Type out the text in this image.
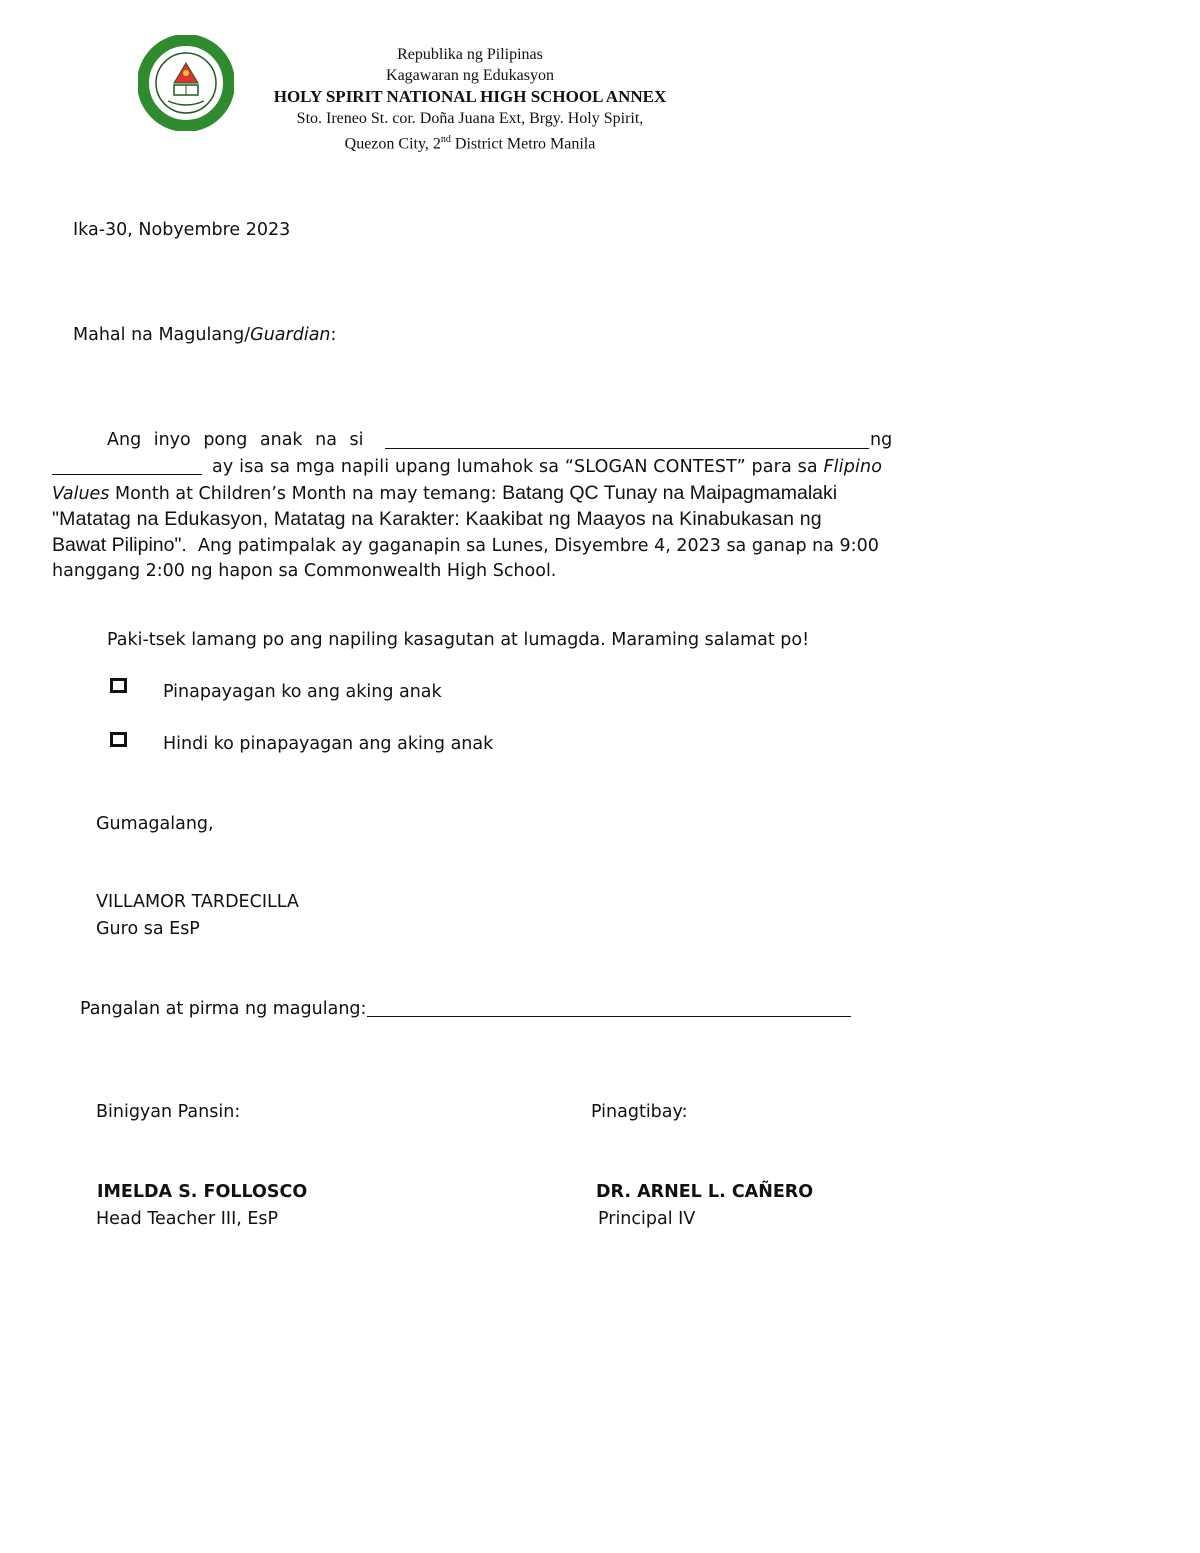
Republika ng Pilipinas
Kagawaran ng Edukasyon
HOLY SPIRIT NATIONAL HIGH SCHOOL ANNEX
Sto. Ireneo St. cor. Doña Juana Ext, Brgy. Holy Spirit,
Quezon City, 2nd District Metro Manila
Ika-30, Nobyembre 2023
Mahal na Magulang/Guardian:
Ang inyo pong anak na si	ng
ay isa sa mga napili upang lumahok sa “SLOGAN CONTEST” para sa Flipino
Values Month at Children’s Month na may temang: Batang QC Tunay na Maipagmamalaki
"Matatag na Edukasyon, Matatag na Karakter: Kaakibat ng Maayos na Kinabukasan ng
Bawat Pilipino". Ang patimpalak ay gaganapin sa Lunes, Disyembre 4, 2023 sa ganap na 9:00
hanggang 2:00 ng hapon sa Commonwealth High School.
Paki-tsek lamang po ang napiling kasagutan at lumagda. Maraming salamat po!
Pinapayagan ko ang aking anak
Hindi ko pinapayagan ang aking anak
Gumagalang,
VILLAMOR TARDECILLA
Guro sa EsP
Pangalan at pirma ng magulang:
Binigyan Pansin:	Pinagtibay:
IMELDA S. FOLLOSCO
Head Teacher III, EsP
DR. ARNEL L. CAÑERO
Principal IV
